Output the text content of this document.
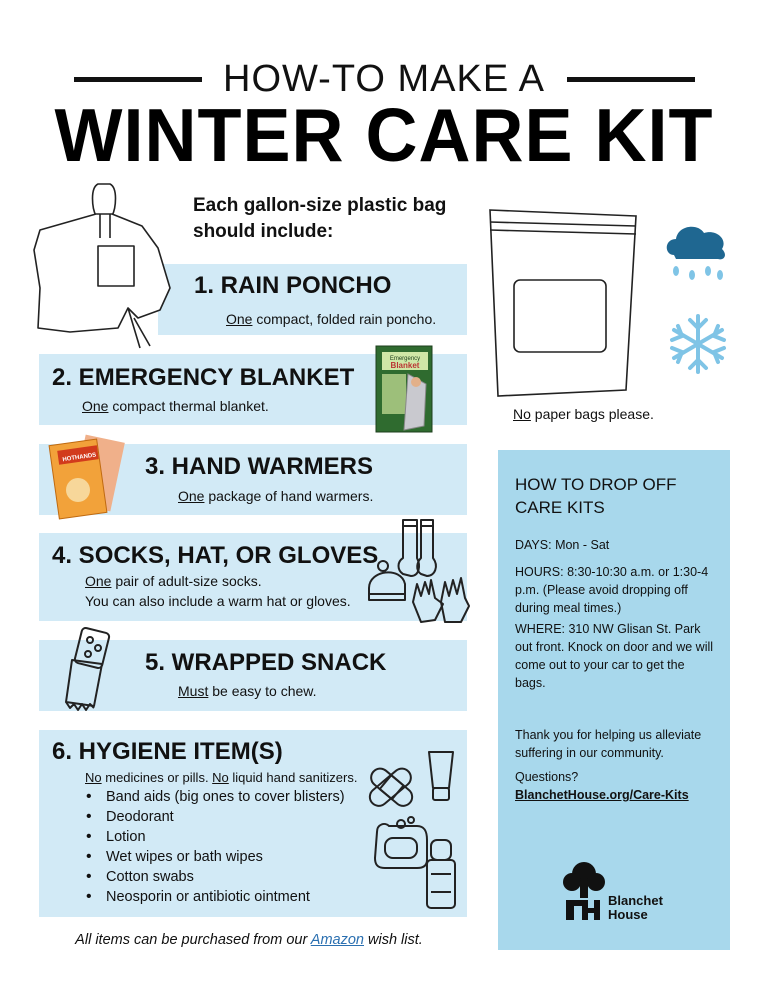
HOW-TO MAKE A
WINTER CARE KIT
Each gallon-size plastic bag should include:
1. RAIN PONCHO
One compact, folded rain poncho.
2. EMERGENCY BLANKET
One compact thermal blanket.
3. HAND WARMERS
One package of hand warmers.
4. SOCKS, HAT, OR GLOVES
One pair of adult-size socks.
You can also include a warm hat or gloves.
5. WRAPPED SNACK
Must be easy to chew.
6. HYGIENE ITEM(S)
No medicines or pills. No liquid hand sanitizers.
• Band aids (big ones to cover blisters)
• Deodorant
• Lotion
• Wet wipes or bath wipes
• Cotton swabs
• Neosporin or antibiotic ointment
No paper bags please.
Emergency
Blanket
HOTHANDS
HOW TO DROP OFF CARE KITS
DAYS: Mon - Sat
HOURS: 8:30-10:30 a.m. or 1:30-4 p.m. (Please avoid dropping off during meal times.)
WHERE: 310 NW Glisan St. Park out front. Knock on door and we will come out to your car to get the bags.
Thank you for helping us alleviate suffering in our community.
Questions?
BlanchetHouse.org/Care-Kits
Blanchet
House
All items can be purchased from our Amazon wish list.
